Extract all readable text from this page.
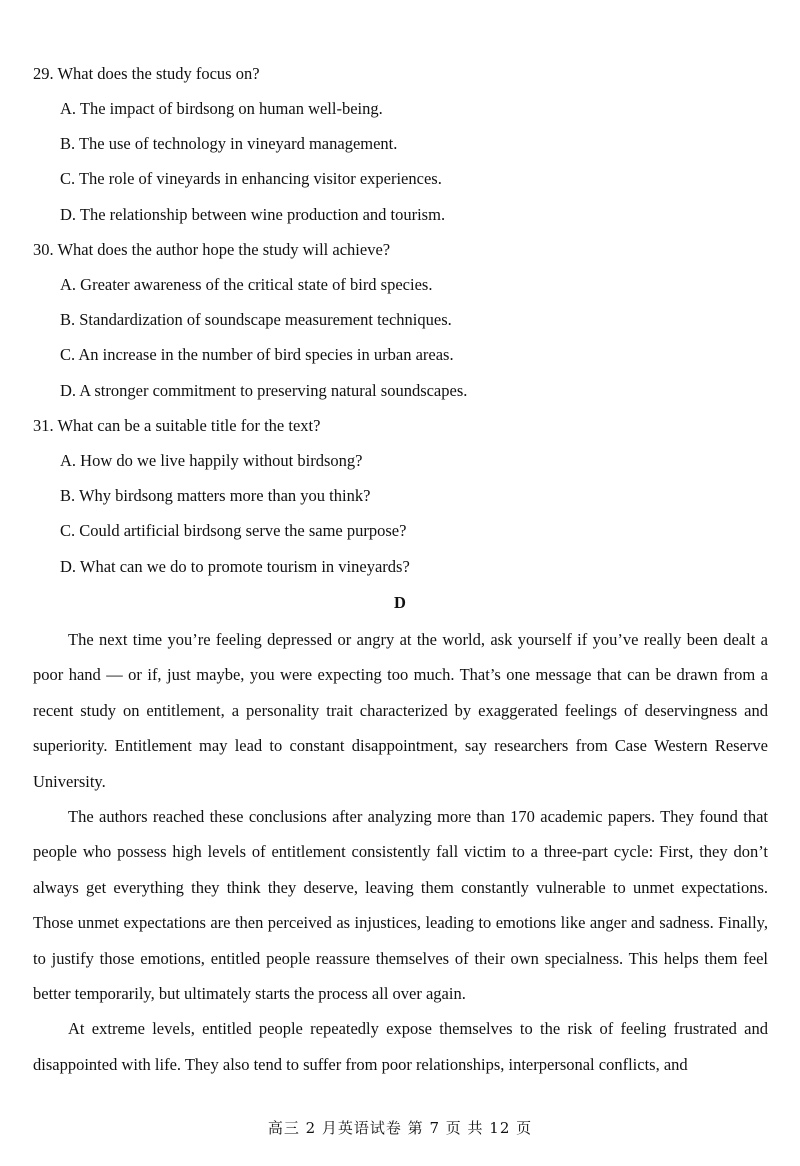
29. What does the study focus on?
A. The impact of birdsong on human well-being.
B. The use of technology in vineyard management.
C. The role of vineyards in enhancing visitor experiences.
D. The relationship between wine production and tourism.
30. What does the author hope the study will achieve?
A. Greater awareness of the critical state of bird species.
B. Standardization of soundscape measurement techniques.
C. An increase in the number of bird species in urban areas.
D. A stronger commitment to preserving natural soundscapes.
31. What can be a suitable title for the text?
A. How do we live happily without birdsong?
B. Why birdsong matters more than you think?
C. Could artificial birdsong serve the same purpose?
D. What can we do to promote tourism in vineyards?
D

The next time you’re feeling depressed or angry at the world, ask yourself if you’ve really been dealt a poor hand — or if, just maybe, you were expecting too much. That’s one message that can be drawn from a recent study on entitlement, a personality trait characterized by exaggerated feelings of deservingness and superiority. Entitlement may lead to constant disappointment, say researchers from Case Western Reserve University.

The authors reached these conclusions after analyzing more than 170 academic papers. They found that people who possess high levels of entitlement consistently fall victim to a three-part cycle: First, they don’t always get everything they think they deserve, leaving them constantly vulnerable to unmet expectations. Those unmet expectations are then perceived as injustices, leading to emotions like anger and sadness. Finally, to justify those emotions, entitled people reassure themselves of their own specialness. This helps them feel better temporarily, but ultimately starts the process all over again.

At extreme levels, entitled people repeatedly expose themselves to the risk of feeling frustrated and disappointed with life. They also tend to suffer from poor relationships, interpersonal conflicts, and

高三 2 月英语试卷 第 7 页 共 12 页
